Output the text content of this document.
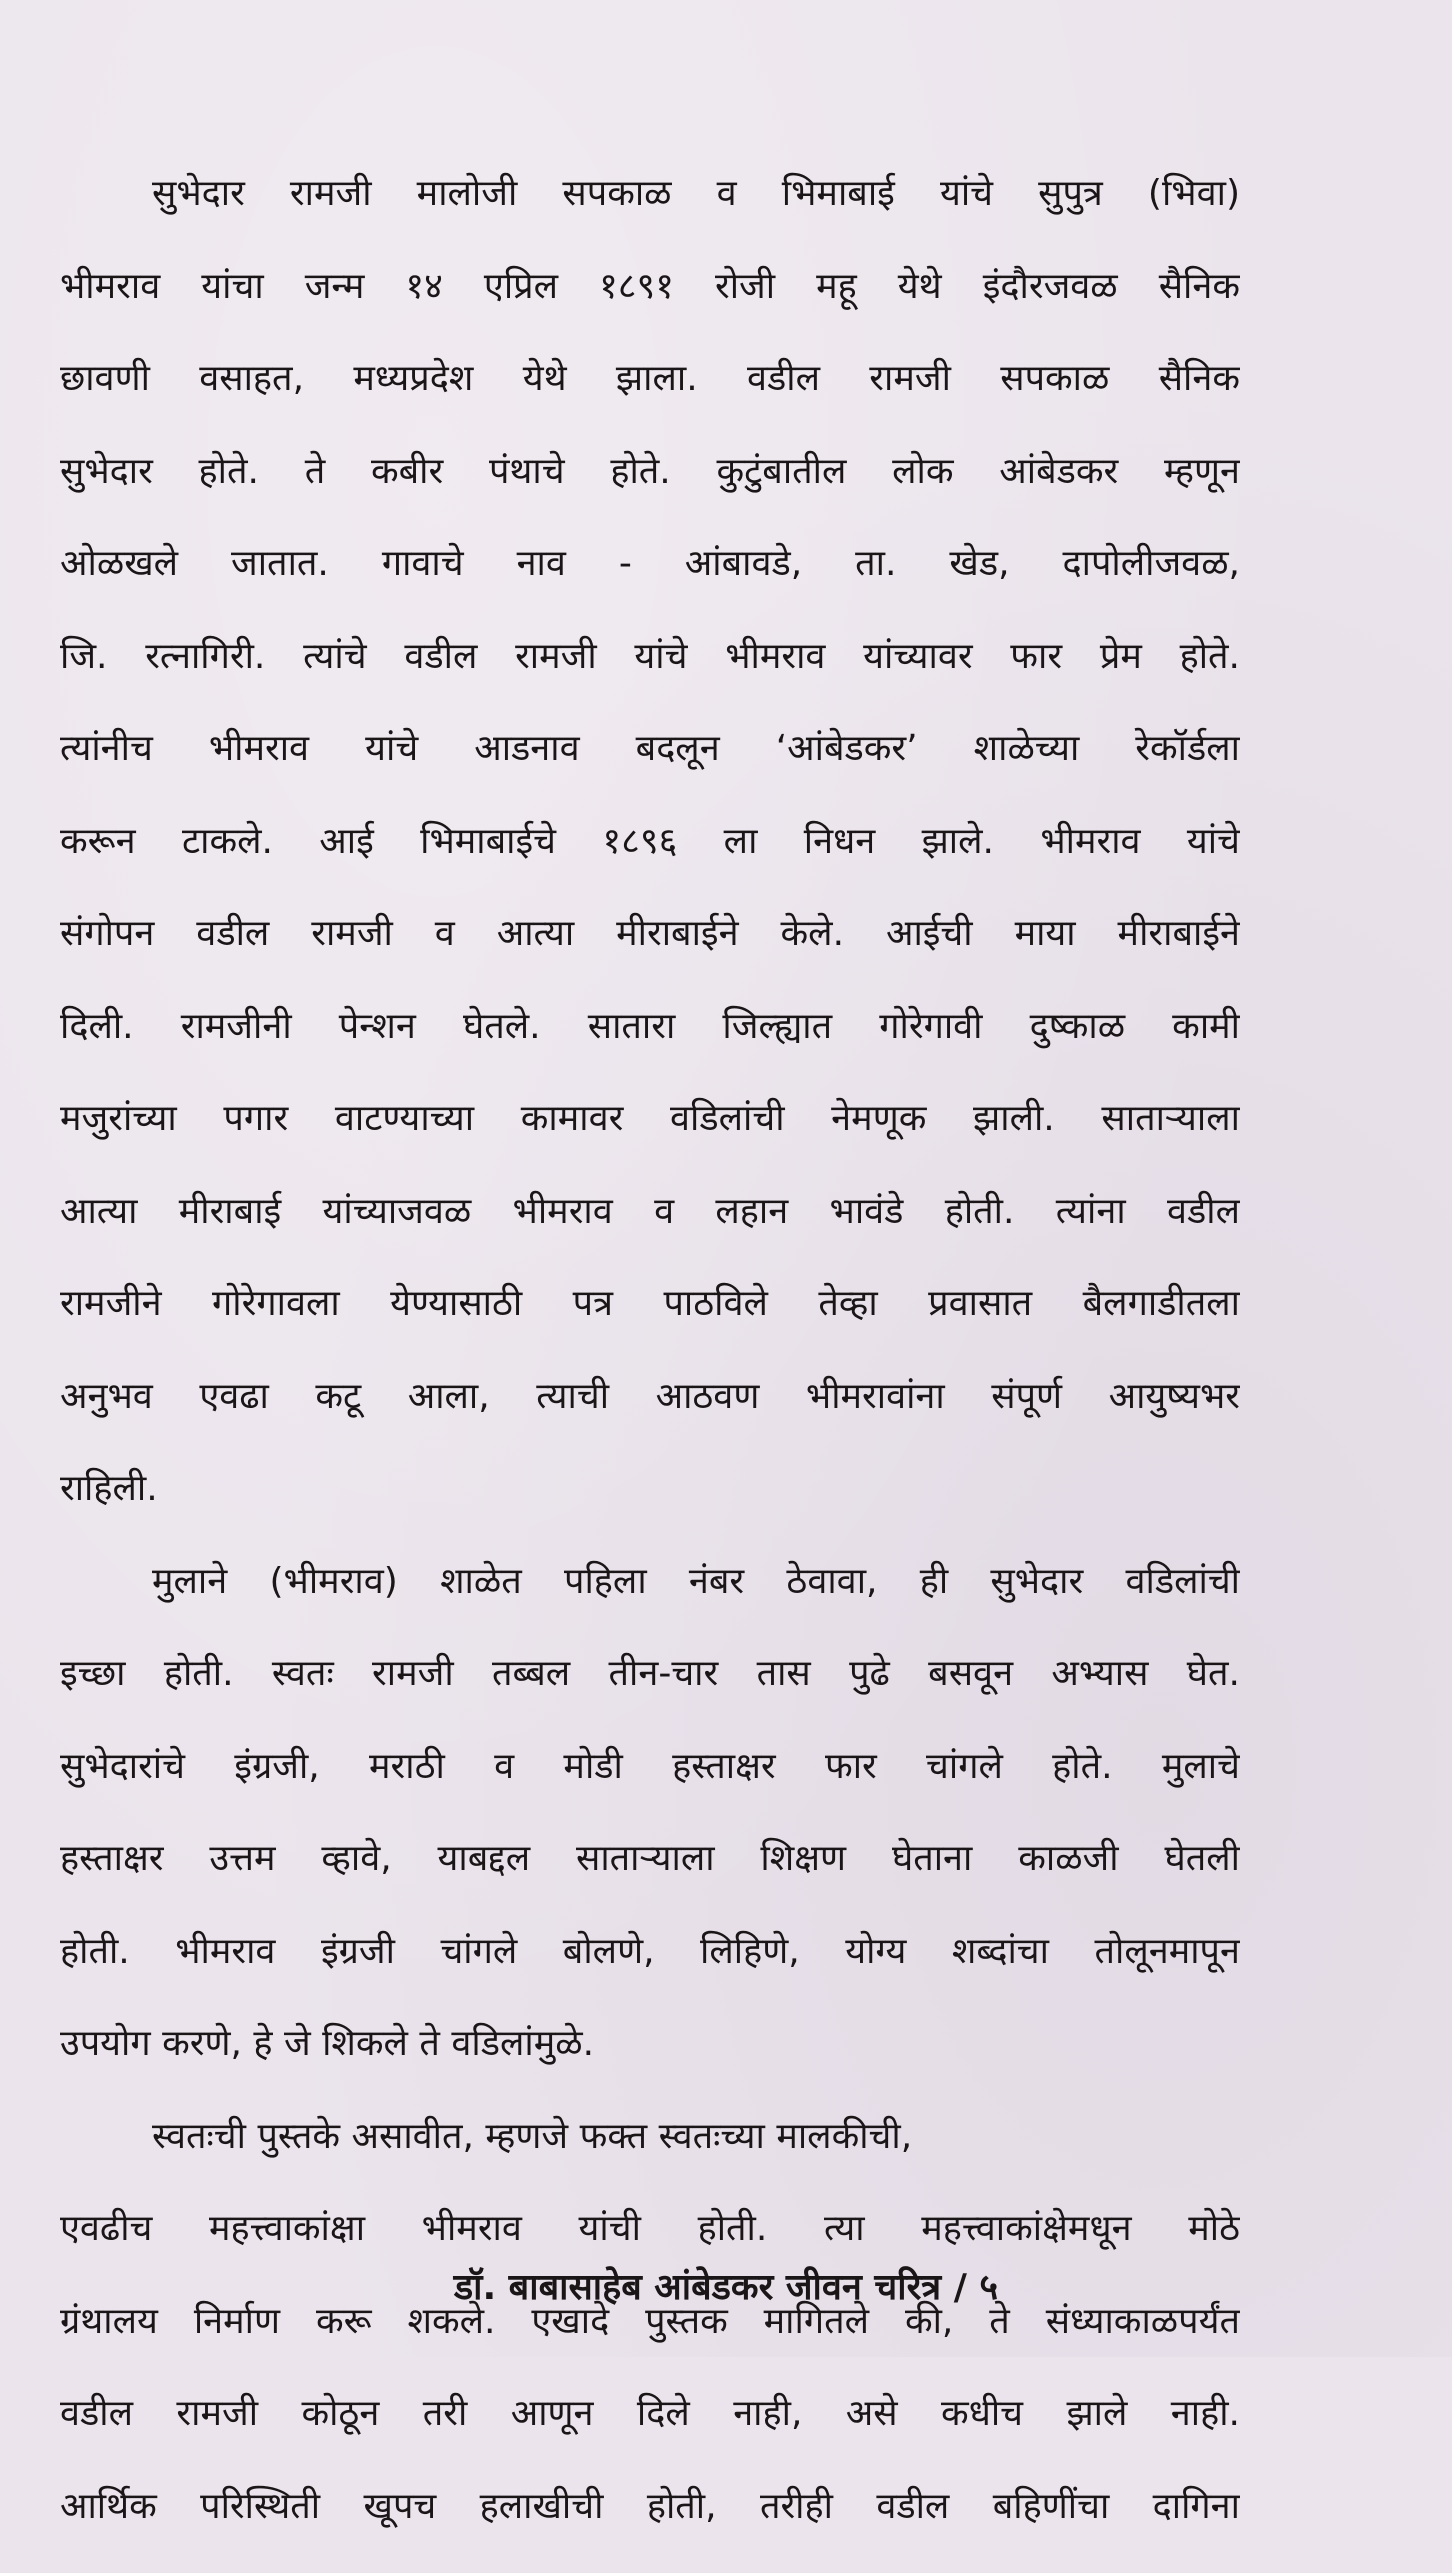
सुभेदार रामजी मालोजी सपकाळ व भिमाबाई यांचे सुपुत्र (भिवा)
भीमराव यांचा जन्म १४ एप्रिल १८९१ रोजी महू येथे इंदौरजवळ सैनिक
छावणी वसाहत, मध्यप्रदेश येथे झाला. वडील रामजी सपकाळ सैनिक
सुभेदार होते. ते कबीर पंथाचे होते. कुटुंबातील लोक आंबेडकर म्हणून
ओळखले जातात. गावाचे नाव - आंबावडे, ता. खेड, दापोलीजवळ,
जि. रत्नागिरी. त्यांचे वडील रामजी यांचे भीमराव यांच्यावर फार प्रेम होते.
त्यांनीच भीमराव यांचे आडनाव बदलून ‘आंबेडकर’ शाळेच्या रेकॉर्डला
करून टाकले. आई भिमाबाईचे १८९६ ला निधन झाले. भीमराव यांचे
संगोपन वडील रामजी व आत्या मीराबाईने केले. आईची माया मीराबाईने
दिली. रामजीनी पेन्शन घेतले. सातारा जिल्ह्यात गोरेगावी दुष्काळ कामी
मजुरांच्या पगार वाटण्याच्या कामावर वडिलांची नेमणूक झाली. साताऱ्याला
आत्या मीराबाई यांच्याजवळ भीमराव व लहान भावंडे होती. त्यांना वडील
रामजीने गोरेगावला येण्यासाठी पत्र पाठविले तेव्हा प्रवासात बैलगाडीतला
अनुभव एवढा कटू आला, त्याची आठवण भीमरावांना संपूर्ण आयुष्यभर
राहिली.
मुलाने (भीमराव) शाळेत पहिला नंबर ठेवावा, ही सुभेदार वडिलांची
इच्छा होती. स्वतः रामजी तब्बल तीन-चार तास पुढे बसवून अभ्यास घेत.
सुभेदारांचे इंग्रजी, मराठी व मोडी हस्ताक्षर फार चांगले होते. मुलाचे
हस्ताक्षर उत्तम व्हावे, याबद्दल साताऱ्याला शिक्षण घेताना काळजी घेतली
होती. भीमराव इंग्रजी चांगले बोलणे, लिहिणे, योग्य शब्दांचा तोलूनमापून
उपयोग करणे, हे जे शिकले ते वडिलांमुळे.
स्वतःची पुस्तके असावीत, म्हणजे फक्त स्वतःच्या मालकीची,
एवढीच महत्त्वाकांक्षा भीमराव यांची होती. त्या महत्त्वाकांक्षेमधून मोठे
ग्रंथालय निर्माण करू शकले. एखादे पुस्तक मागितले की, ते संध्याकाळपर्यंत
वडील रामजी कोठून तरी आणून दिले नाही, असे कधीच झाले नाही.
आर्थिक परिस्थिती खूपच हलाखीची होती, तरीही वडील बहिणींचा दागिना
डॉ. बाबासाहेब आंबेडकर जीवन चरित्र / ५
